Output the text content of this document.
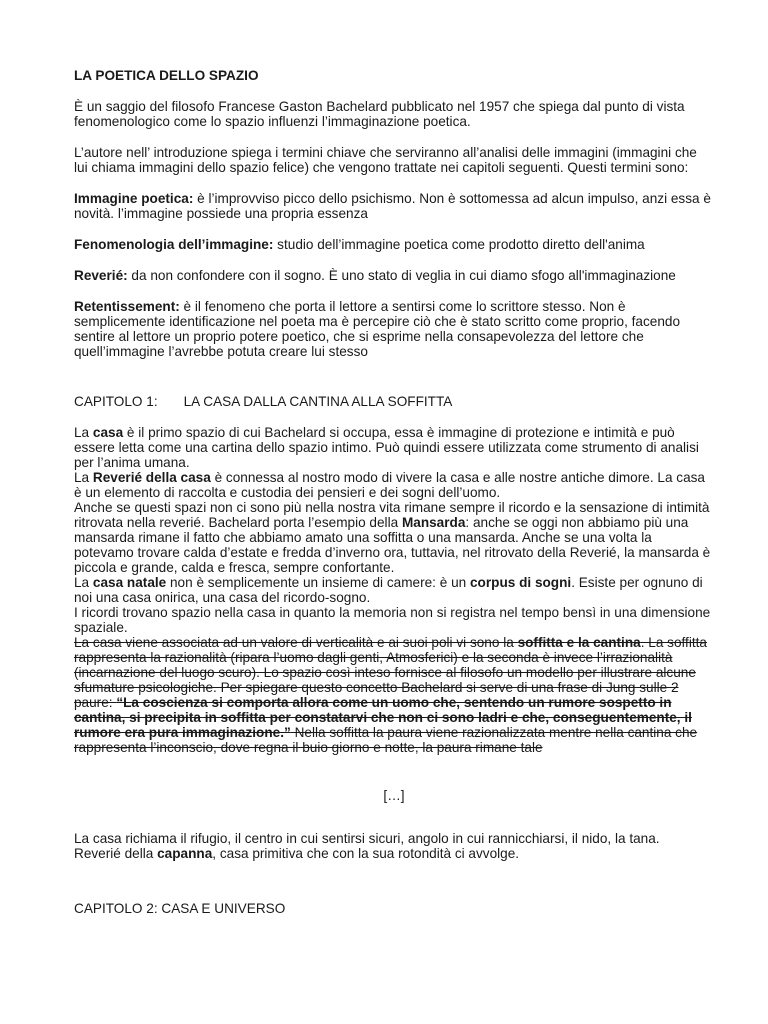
LA POETICA DELLO SPAZIO

È un saggio del filosofo Francese Gaston Bachelard pubblicato nel 1957 che spiega dal punto di vista fenomenologico come lo spazio influenzi l’immaginazione poetica.

L’autore nell’ introduzione spiega i termini chiave che serviranno all’analisi delle immagini (immagini che lui chiama immagini dello spazio felice) che vengono trattate nei capitoli seguenti. Questi termini sono:

Immagine poetica: è l’improvviso picco dello psichismo. Non è sottomessa ad alcun impulso, anzi essa è novità. l’immagine possiede una propria essenza

Fenomenologia dell’immagine: studio dell’immagine poetica come prodotto diretto dell'anima

Reverié: da non confondere con il sogno. È uno stato di veglia in cui diamo sfogo all'immaginazione

Retentissement: è il fenomeno che porta il lettore a sentirsi come lo scrittore stesso. Non è semplicemente identificazione nel poeta ma è percepire ciò che è stato scritto come proprio, facendo sentire al lettore un proprio potere poetico, che si esprime nella consapevolezza del lettore che quell’immagine l’avrebbe potuta creare lui stesso

CAPITOLO 1: LA CASA DALLA CANTINA ALLA SOFFITTA

La casa è il primo spazio di cui Bachelard si occupa, essa è immagine di protezione e intimità e può essere letta come una cartina dello spazio intimo. Può quindi essere utilizzata come strumento di analisi per l’anima umana.

La Reverié della casa è connessa al nostro modo di vivere la casa e alle nostre antiche dimore. La casa è un elemento di raccolta e custodia dei pensieri e dei sogni dell’uomo.

Anche se questi spazi non ci sono più nella nostra vita rimane sempre il ricordo e la sensazione di intimità ritrovata nella reverié. Bachelard porta l’esempio della Mansarda: anche se oggi non abbiamo più una mansarda rimane il fatto che abbiamo amato una soffitta o una mansarda. Anche se una volta la potevamo trovare calda d’estate e fredda d’inverno ora, tuttavia, nel ritrovato della Reverié, la mansarda è piccola e grande, calda e fresca, sempre confortante.

La casa natale non è semplicemente un insieme di camere: è un corpus di sogni. Esiste per ognuno di noi una casa onirica, una casa del ricordo-sogno.

I ricordi trovano spazio nella casa in quanto la memoria non si registra nel tempo bensì in una dimensione spaziale.

La casa viene associata ad un valore di verticalità e ai suoi poli vi sono la soffitta e la cantina. La soffitta rappresenta la razionalità (ripara l’uomo dagli genti, Atmosferici) e la seconda è invece l’irrazionalità (incarnazione del luogo scuro). Lo spazio così inteso fornisce al filosofo un modello per illustrare alcune sfumature psicologiche. Per spiegare questo concetto Bachelard si serve di una frase di Jung sulle 2 paure: “La coscienza si comporta allora come un uomo che, sentendo un rumore sospetto in cantina, si precipita in soffitta per constatarvi che non ci sono ladri e che, conseguentemente, il rumore era pura immaginazione.” Nella soffitta la paura viene razionalizzata mentre nella cantina che rappresenta l’inconscio, dove regna il buio giorno e notte, la paura rimane tale

[…]

La casa richiama il rifugio, il centro in cui sentirsi sicuri, angolo in cui rannicchiarsi, il nido, la tana.

Reverié della capanna, casa primitiva che con la sua rotondità ci avvolge.

CAPITOLO 2: CASA E UNIVERSO
